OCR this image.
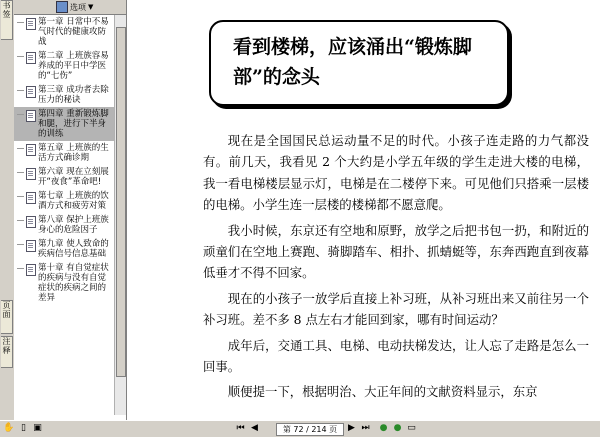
书签
页面
注释
选项 ▼
第一章 日常中不易气时代的健康攻防战
第二章 上班族容易养成的平日中学医的“七伤”
第三章 成功者去除压力的秘诀
第四章 重新锻炼脚和腿，进行下半身的训练
第五章 上班族的生活方式确诊期
第六章 现在立刻展开“夜食”革命吧!
第七章 上班族的饮酒方式和疲劳对策
第八章 保护上班族身心的危险因子
第九章 使人致命的疾病信号信息基础
第十章 有自觉症状的疾病与没有自觉症状的疾病之间的差异
看到楼梯，应该涌出“锻炼脚部”的念头

现在是全国国民总运动量不足的时代。小孩子连走路的力气都没有。前几天，我看见 2 个大约是小学五年级的学生走进大楼的电梯，我一看电梯楼层显示灯，电梯是在二楼停下来。可见他们只搭乘一层楼的电梯。小学生连一层楼的楼梯都不愿意爬。

我小时候，东京还有空地和原野，放学之后把书包一扔，和附近的顽童们在空地上赛跑、骑脚踏车、相扑、抓蜻蜓等，东奔西跑直到夜幕低垂才不得不回家。

现在的小孩子一放学后直接上补习班，从补习班出来又前往另一个补习班。差不多 8 点左右才能回到家，哪有时间运动？

成年后，交通工具、电梯、电动扶梯发达，让人忘了走路是怎么一回事。

顺便提一下，根据明治、大正年间的文献资料显示，东京

✋ ▯ ▣	⏮ ◀	第 72 / 214 页	▶ ⏭ ● ● ▭
